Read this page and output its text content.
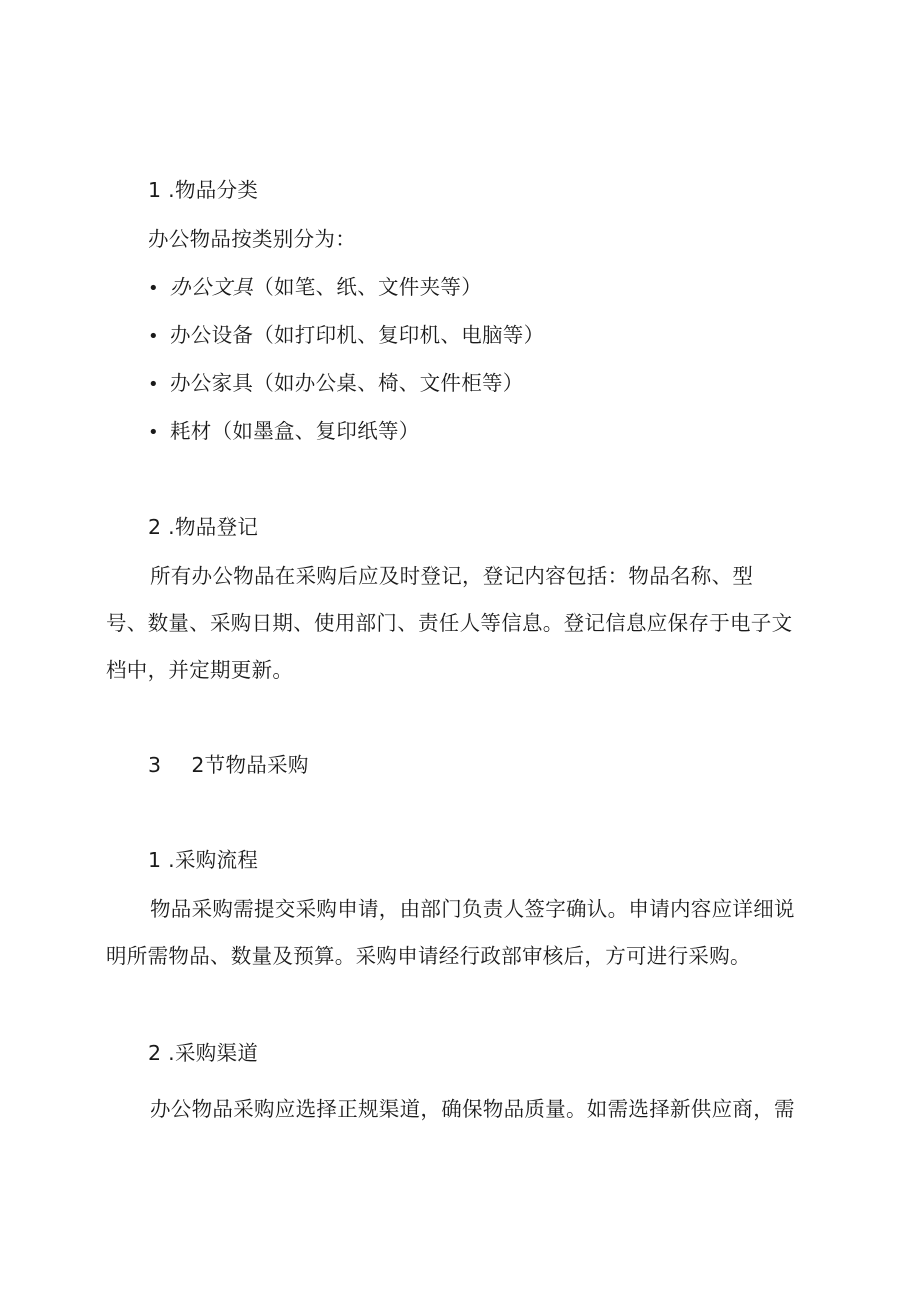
1 .物品分类
办公物品按类别分为：
• 办公文具（如笔、纸、文件夹等）
• 办公设备（如打印机、复印机、电脑等）
• 办公家具（如办公桌、椅、文件柜等）
• 耗材（如墨盒、复印纸等）
2 .物品登记
所有办公物品在采购后应及时登记，登记内容包括：物品名称、型
号、数量、采购日期、使用部门、责任人等信息。登记信息应保存于电子文
档中，并定期更新。
3 2节物品采购
1 .采购流程
物品采购需提交采购申请，由部门负责人签字确认。申请内容应详细说
明所需物品、数量及预算。采购申请经行政部审核后，方可进行采购。
2 .采购渠道
办公物品采购应选择正规渠道，确保物品质量。如需选择新供应商，需
